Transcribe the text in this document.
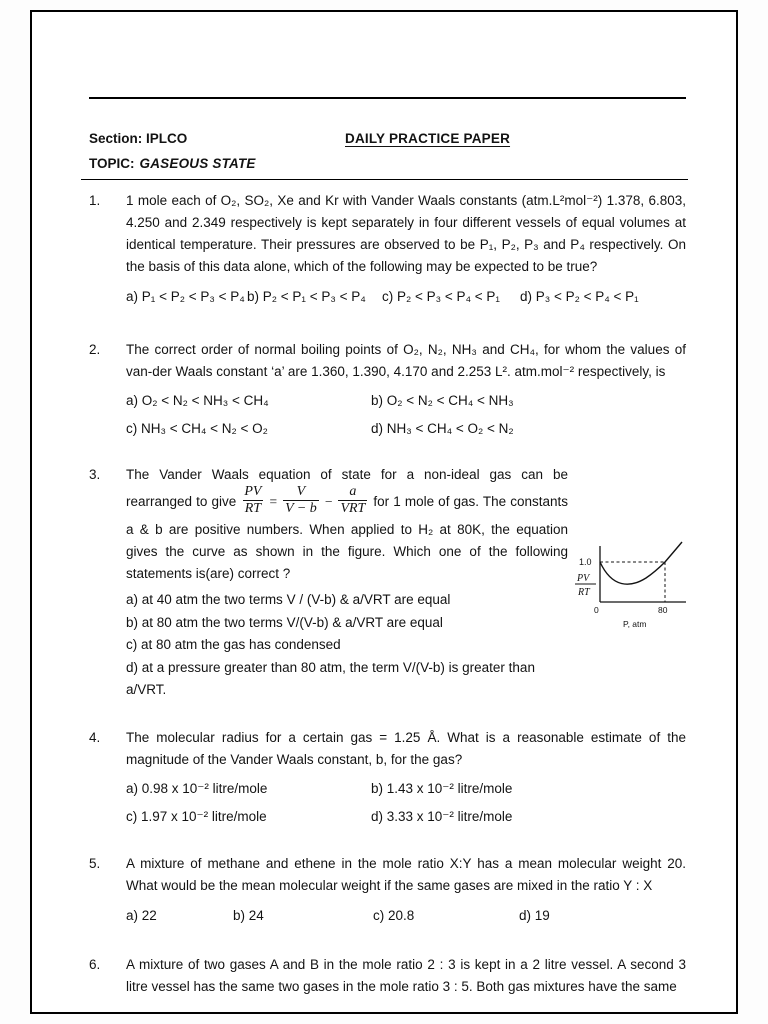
Section: IPLCO	DAILY PRACTICE PAPER
TOPIC: GASEOUS STATE
1.	1 mole each of O₂, SO₂, Xe and Kr with Vander Waals constants (atm.L²mol⁻²) 1.378, 6.803, 4.250 and 2.349 respectively is kept separately in four different vessels of equal volumes at identical temperature. Their pressures are observed to be P₁, P₂, P₃ and P₄ respectively. On the basis of this data alone, which of the following may be expected to be true?

a) P₁ < P₂ < P₃ < P₄ b) P₂ < P₁ < P₃ < P₄	c) P₂ < P₃ < P₄ < P₁	d) P₃ < P₂ < P₄ < P₁
2.	The correct order of normal boiling points of O₂, N₂, NH₃ and CH₄, for whom the values of van-der Waals constant ‘a’ are 1.360, 1.390, 4.170 and 2.253 L². atm.mol⁻² respectively, is

a) O₂ < N₂ < NH₃ < CH₄	b) O₂ < N₂ < CH₄ < NH₃
c) NH₃ < CH₄ < N₂ < O₂	d) NH₃ < CH₄ < O₂ < N₂
3.	The Vander Waals equation of state for a non-ideal gas can be rearranged to give $\frac{PV}{RT} = \frac{V}{V - b} - \frac{a}{\text{VRT}}$ for 1 mole of gas. The constants a & b are positive numbers. When applied to H₂ at 80K, the equation gives the curve as shown in the figure. Which one of the following statements is(are) correct ?

a) at 40 atm the two terms V / (V-b) & a/VRT are equal
b) at 80 atm the two terms V/(V-b) & a/VRT are equal
c) at 80 atm the gas has condensed
d) at a pressure greater than 80 atm, the term V/(V-b) is greater than a/VRT.
1.0
PV
RT
0	80
P, atm
4.	The molecular radius for a certain gas = 1.25 Å. What is a reasonable estimate of the magnitude of the Vander Waals constant, b, for the gas?

a) 0.98 x 10⁻² litre/mole	b) 1.43 x 10⁻² litre/mole
c) 1.97 x 10⁻² litre/mole	d) 3.33 x 10⁻² litre/mole
5.	A mixture of methane and ethene in the mole ratio X:Y has a mean molecular weight 20. What would be the mean molecular weight if the same gases are mixed in the ratio Y : X

a) 22	b) 24	c) 20.8	d) 19
6.	A mixture of two gases A and B in the mole ratio 2 : 3 is kept in a 2 litre vessel. A second 3 litre vessel has the same two gases in the mole ratio 3 : 5. Both gas mixtures have the same
